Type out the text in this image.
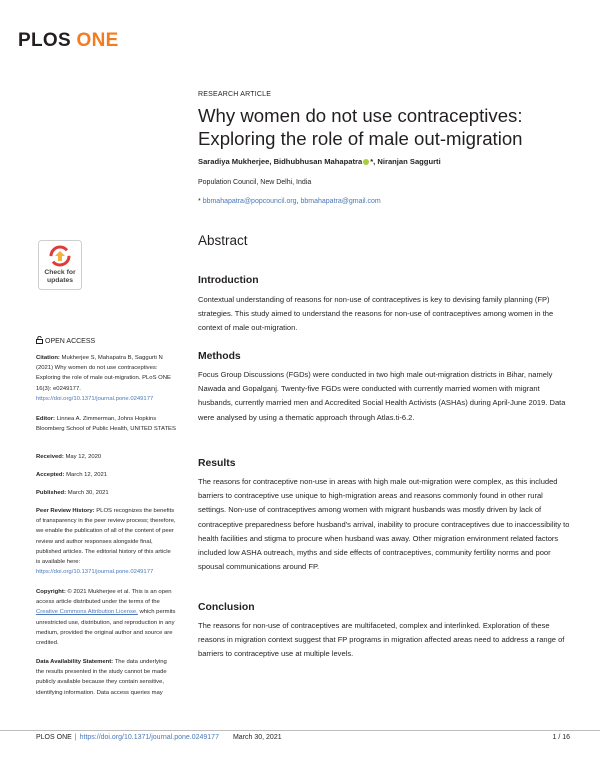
PLOS ONE
RESEARCH ARTICLE
Why women do not use contraceptives: Exploring the role of male out-migration
Saradiya Mukherjee, Bidhubhusan Mahapatra *, Niranjan Saggurti
Population Council, New Delhi, India
* bbmahapatra@popcouncil.org, bbmahapatra@gmail.com
Check for
updates
OPEN ACCESS
Citation: Mukherjee S, Mahapatra B, Saggurti N (2021) Why women do not use contraceptives: Exploring the role of male out-migration. PLoS ONE 16(3): e0249177. https://doi.org/10.1371/journal.pone.0249177
Editor: Linnea A. Zimmerman, Johns Hopkins Bloomberg School of Public Health, UNITED STATES
Received: May 12, 2020
Accepted: March 12, 2021
Published: March 30, 2021
Peer Review History: PLOS recognizes the benefits of transparency in the peer review process; therefore, we enable the publication of all of the content of peer review and author responses alongside final, published articles. The editorial history of this article is available here: https://doi.org/10.1371/journal.pone.0249177
Copyright: © 2021 Mukherjee et al. This is an open access article distributed under the terms of the Creative Commons Attribution License, which permits unrestricted use, distribution, and reproduction in any medium, provided the original author and source are credited.
Data Availability Statement: The data underlying the results presented in the study cannot be made publicly available because they contain sensitive, identifying information. Data access queries may
Abstract
Introduction
Contextual understanding of reasons for non-use of contraceptives is key to devising family planning (FP) strategies. This study aimed to understand the reasons for non-use of contraceptives among women in the context of male out-migration.
Methods
Focus Group Discussions (FGDs) were conducted in two high male out-migration districts in Bihar, namely Nawada and Gopalganj. Twenty-five FGDs were conducted with currently married women with migrant husbands, currently married men and Accredited Social Health Activists (ASHAs) during April-June 2019. Data were analysed by using a thematic approach through Atlas.ti-6.2.
Results
The reasons for contraceptive non-use in areas with high male out-migration were complex, as this included barriers to contraceptive use unique to high-migration areas and reasons commonly found in other rural settings. Non-use of contraceptives among women with migrant husbands was mostly driven by lack of contraceptive preparedness before husband's arrival, inability to procure contraceptives due to inaccessibility to health facilities and stigma to procure when husband was away. Other migration environment related factors included low ASHA outreach, myths and side effects of contraceptives, community fertility norms and poor spousal communications around FP.
Conclusion
The reasons for non-use of contraceptives are multifaceted, complex and interlinked. Exploration of these reasons in migration context suggest that FP programs in migration affected areas need to address a range of barriers to contraceptive use at multiple levels.
PLOS ONE | https://doi.org/10.1371/journal.pone.0249177 March 30, 2021	1 / 16
